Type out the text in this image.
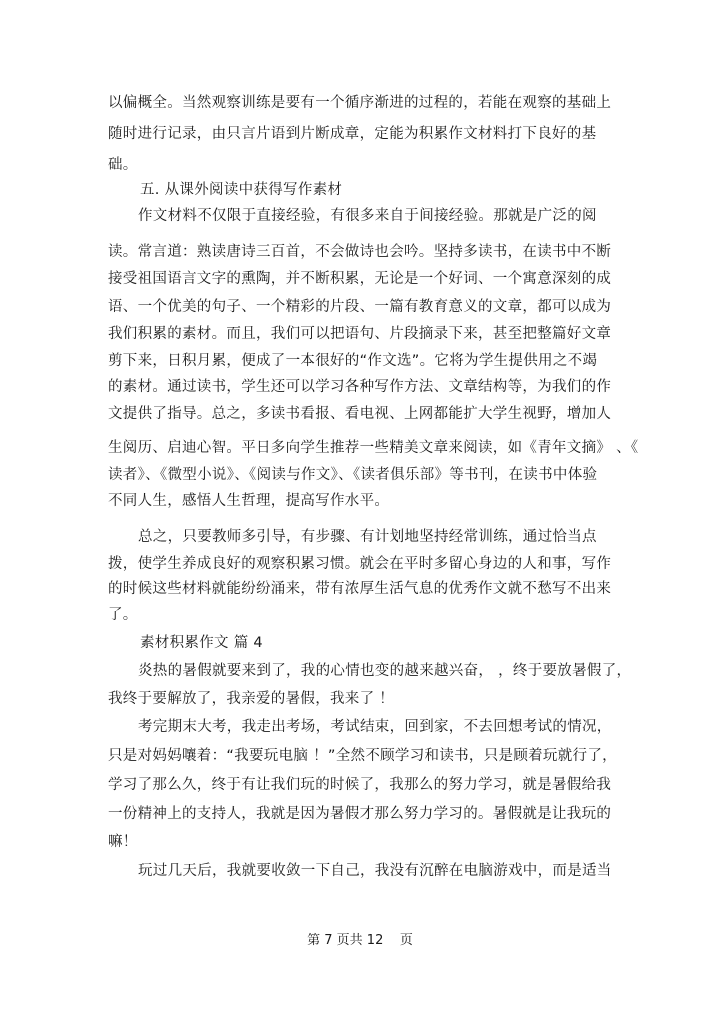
以偏概全。当然观察训练是要有一个循序渐进的过程的，若能在观察的基础上
随时进行记录，由只言片语到片断成章，定能为积累作文材料打下良好的基
础。
五. 从课外阅读中获得写作素材
作文材料不仅限于直接经验，有很多来自于间接经验。那就是广泛的阅
读。常言道：熟读唐诗三百首，不会做诗也会吟。坚持多读书，在读书中不断
接受祖国语言文字的熏陶，并不断积累，无论是一个好词、一个寓意深刻的成
语、一个优美的句子、一个精彩的片段、一篇有教育意义的文章，都可以成为
我们积累的素材。而且，我们可以把语句、片段摘录下来，甚至把整篇好文章
剪下来，日积月累，便成了一本很好的“作文选”。它将为学生提供用之不竭
的素材。通过读书，学生还可以学习各种写作方法、文章结构等，为我们的作
文提供了指导。总之，多读书看报、看电视、上网都能扩大学生视野，增加人
生阅历、启迪心智。平日多向学生推荐一些精美文章来阅读，如《青年文摘》 、《
读者》、《微型小说》、《阅读与作文》、《读者俱乐部》等书刊，在读书中体验
不同人生，感悟人生哲理，提高写作水平。
总之，只要教师多引导，有步骤、有计划地坚持经常训练，通过恰当点
拨，使学生养成良好的观察积累习惯。就会在平时多留心身边的人和事，写作
的时候这些材料就能纷纷涌来，带有浓厚生活气息的优秀作文就不愁写不出来
了。
素材积累作文 篇 4
炎热的暑假就要来到了，我的心情也变的越来越兴奋， ，终于要放暑假了，
我终于要解放了，我亲爱的暑假，我来了 ！
考完期末大考，我走出考场，考试结束，回到家，不去回想考试的情况，
只是对妈妈嚷着：“我要玩电脑 ！”全然不顾学习和读书，只是顾着玩就行了，
学习了那么久，终于有让我们玩的时候了，我那么的努力学习，就是暑假给我
一份精神上的支持人，我就是因为暑假才那么努力学习的。暑假就是让我玩的
嘛！
玩过几天后，我就要收敛一下自己，我没有沉醉在电脑游戏中，而是适当
第 7 页共 12    页
